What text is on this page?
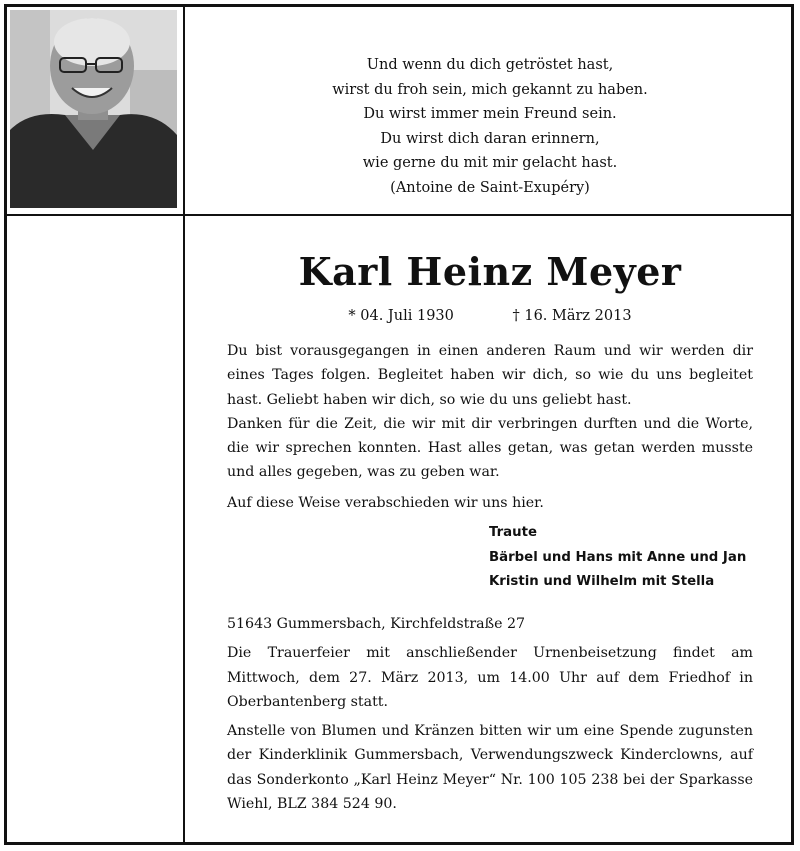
Und wenn du dich getröstet hast,
wirst du froh sein, mich gekannt zu haben.
Du wirst immer mein Freund sein.
Du wirst dich daran erinnern,
wie gerne du mit mir gelacht hast.
(Antoine de Saint-Exupéry)
Karl Heinz Meyer
* 04. Juli 1930	† 16. März 2013

Du bist vorausgegangen in einen anderen Raum und wir werden dir eines Tages folgen. Begleitet haben wir dich, so wie du uns begleitet hast. Geliebt haben wir dich, so wie du uns geliebt hast.

Danken für die Zeit, die wir mit dir verbringen durften und die Worte, die wir sprechen konnten. Hast alles getan, was getan werden musste und alles gegeben, was zu geben war.

Auf diese Weise verabschieden wir uns hier.

Traute
Bärbel und Hans mit Anne und Jan
Kristin und Wilhelm mit Stella

51643 Gummersbach, Kirchfeldstraße 27

Die Trauerfeier mit anschließender Urnenbeisetzung findet am Mittwoch, dem 27. März 2013, um 14.00 Uhr auf dem Friedhof in Oberbantenberg statt.

Anstelle von Blumen und Kränzen bitten wir um eine Spende zugunsten der Kinderklinik Gummersbach, Verwendungszweck Kinderclowns, auf das Sonderkonto „Karl Heinz Meyer“ Nr. 100 105 238 bei der Sparkasse Wiehl, BLZ 384 524 90.
